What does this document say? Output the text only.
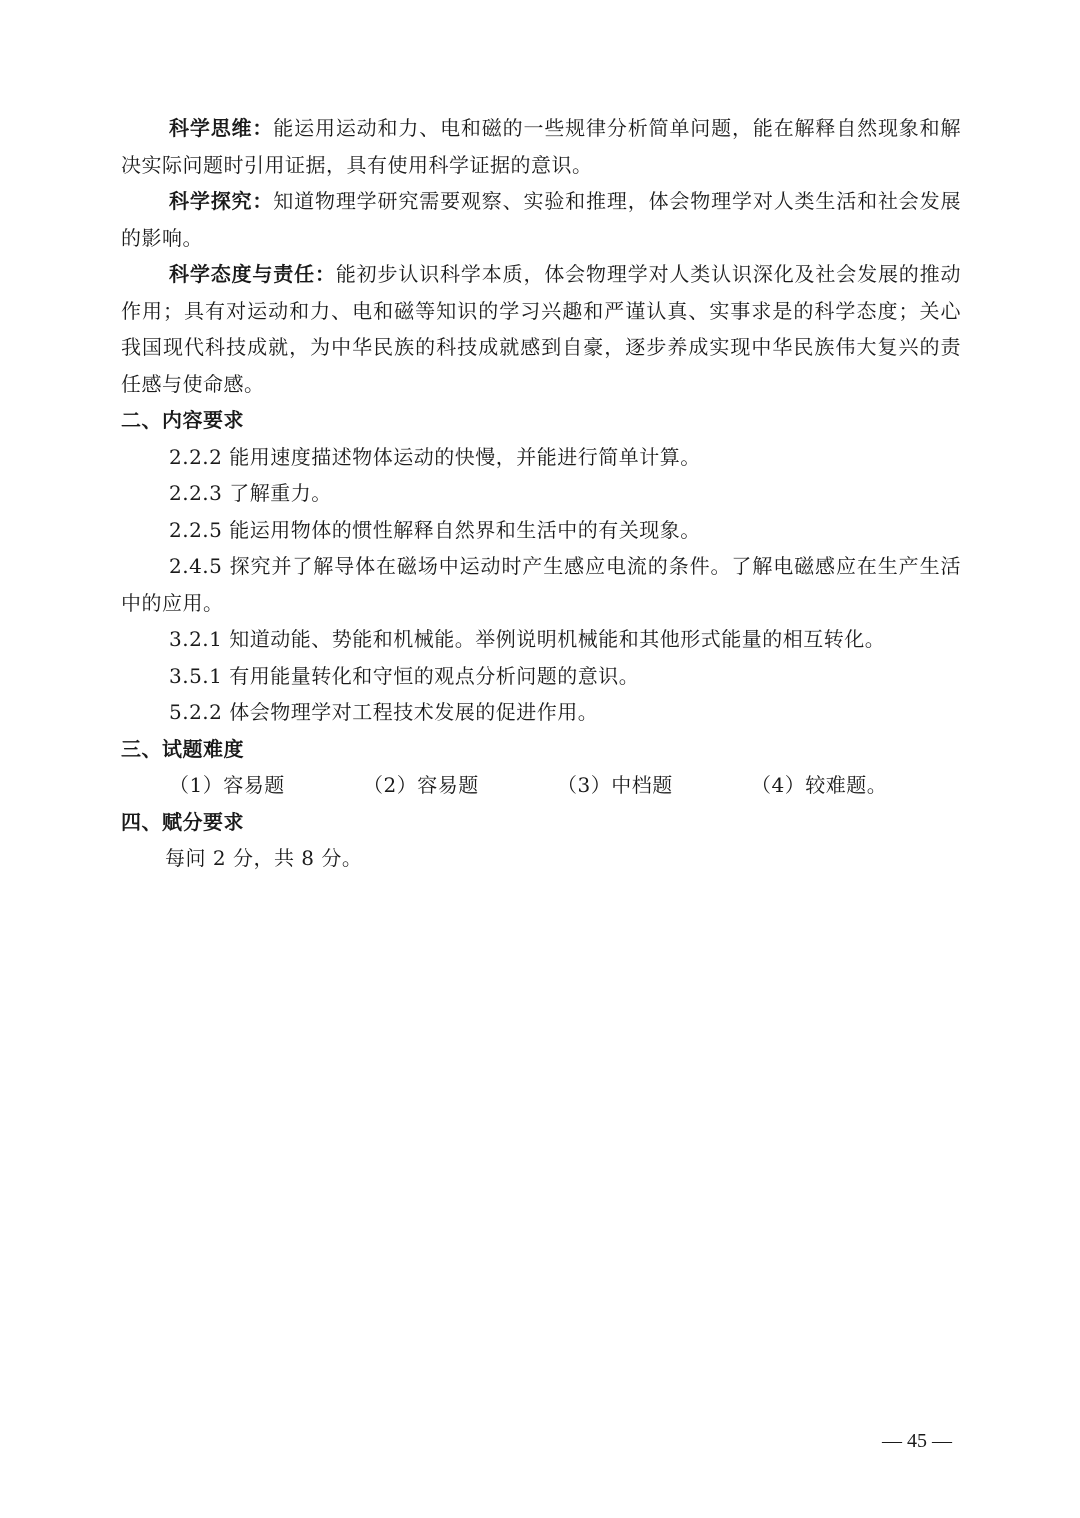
科学思维：能运用运动和力、电和磁的一些规律分析简单问题，能在解释自然现象和解决实际问题时引用证据，具有使用科学证据的意识。

科学探究：知道物理学研究需要观察、实验和推理，体会物理学对人类生活和社会发展的影响。

科学态度与责任：能初步认识科学本质，体会物理学对人类认识深化及社会发展的推动作用；具有对运动和力、电和磁等知识的学习兴趣和严谨认真、实事求是的科学态度；关心我国现代科技成就，为中华民族的科技成就感到自豪，逐步养成实现中华民族伟大复兴的责任感与使命感。

二、内容要求

2.2.2 能用速度描述物体运动的快慢，并能进行简单计算。

2.2.3 了解重力。

2.2.5 能运用物体的惯性解释自然界和生活中的有关现象。

2.4.5 探究并了解导体在磁场中运动时产生感应电流的条件。了解电磁感应在生产生活中的应用。

3.2.1 知道动能、势能和机械能。举例说明机械能和其他形式能量的相互转化。

3.5.1 有用能量转化和守恒的观点分析问题的意识。

5.2.2 体会物理学对工程技术发展的促进作用。

三、试题难度

（1）容易题	（2）容易题	（3）中档题	（4）较难题。

四、赋分要求

每问 2 分，共 8 分。

— 45 —
